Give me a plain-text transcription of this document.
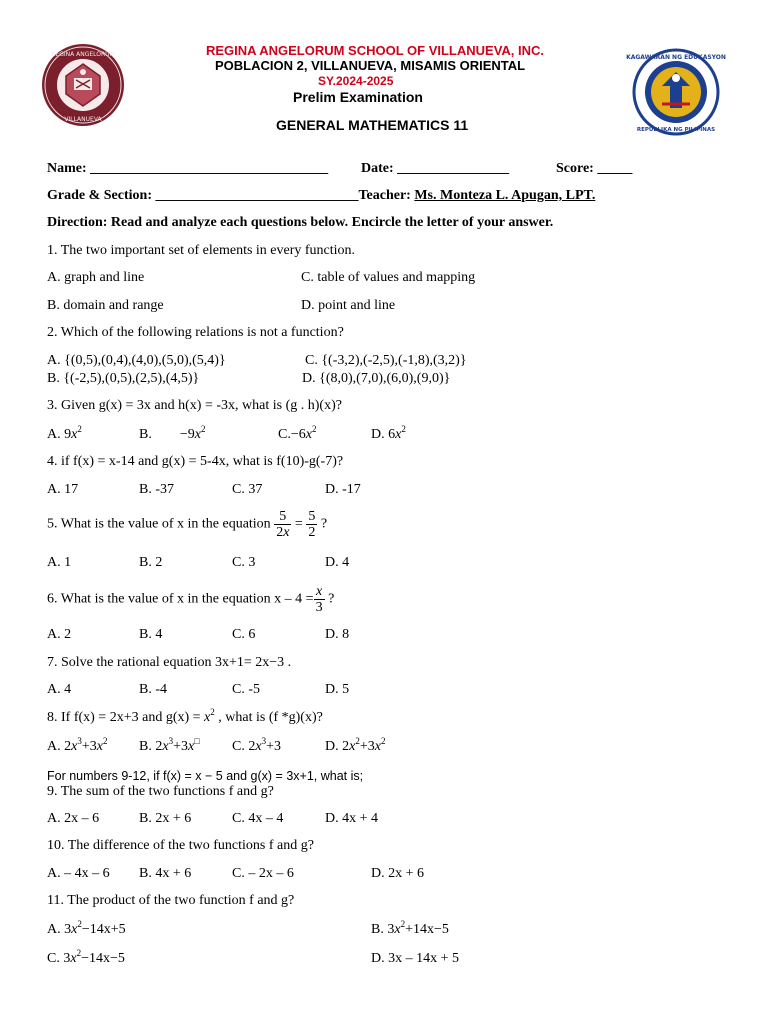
REGINA ANGELORUM
VILLANUEVA
KAGAWARAN NG EDUKASYON
REPUBLIKA NG PILIPINAS
REGINA ANGELORUM SCHOOL OF VILLANUEVA, INC.
POBLACION 2, VILLANUEVA, MISAMIS ORIENTAL
SY.2024-2025
Prelim Examination
GENERAL MATHEMATICS 11
Name: __________________________________ Date: ________________	Score: _____
Grade & Section: _____________________________Teacher: Ms. Monteza L. Apugan, LPT.
Direction: Read and analyze each questions below. Encircle the letter of your answer.
1. The two important set of elements in every function.
A. graph and line	C. table of values and mapping
B. domain and range	D. point and line
2. Which of the following relations is not a function?
A. {(0,5),(0,4),(4,0),(5,0),(5,4)}	C. {(-3,2),(-2,5),(-1,8),(3,2)}
B. {(-2,5),(0,5),(2,5),(4,5)}	D. {(8,0),(7,0),(6,0),(9,0)}
3. Given g(x) = 3x and h(x) = -3x, what is (g . h)(x)?
A. $9x^2$	B. $-9x^2$	$C.-6x^2$	D. $6x^2$
4. if f(x) = x-14 and g(x) = 5-4x, what is f(10)-g(-7)?
A. 17	B. -37	C. 37	D. -17
5. What is the value of x in the equation $\frac{5}{2x} = \frac{5}{2}$ ?
A. 1	B. 2	C. 3	D. 4
6. What is the value of x in the equation $x - 4 = \frac{x}{3}$ ?
A. 2	B. 4	C. 6	D. 8
7. Solve the rational equation 3x+1= 2x−3 .
A. 4	B. -4	C. -5	D. 5
8. If f(x) = 2x+3 and $g(x) = x^2$ , what is (f *g)(x)?
A. $2x^3+3x^2$ B. $2x^3+3x^□$ C. $2x^3+3$	D. $2x^2+3x^2$
For numbers 9-12, if f(x) = x − 5 and g(x) = 3x+1, what is;
9. The sum of the two functions f and g?
A. 2x – 6	B. 2x + 6	C. 4x – 4	D. 4x + 4
10. The difference of the two functions f and g?
A. – 4x – 6 B. 4x + 6	C. – 2x – 6	D. 2x + 6
11. The product of the two function f and g?
A. $3x^2-14x+5$	B. $3x^2+14x-5$
C. $3x^2-14x-5$	D. 3x – 14x + 5
